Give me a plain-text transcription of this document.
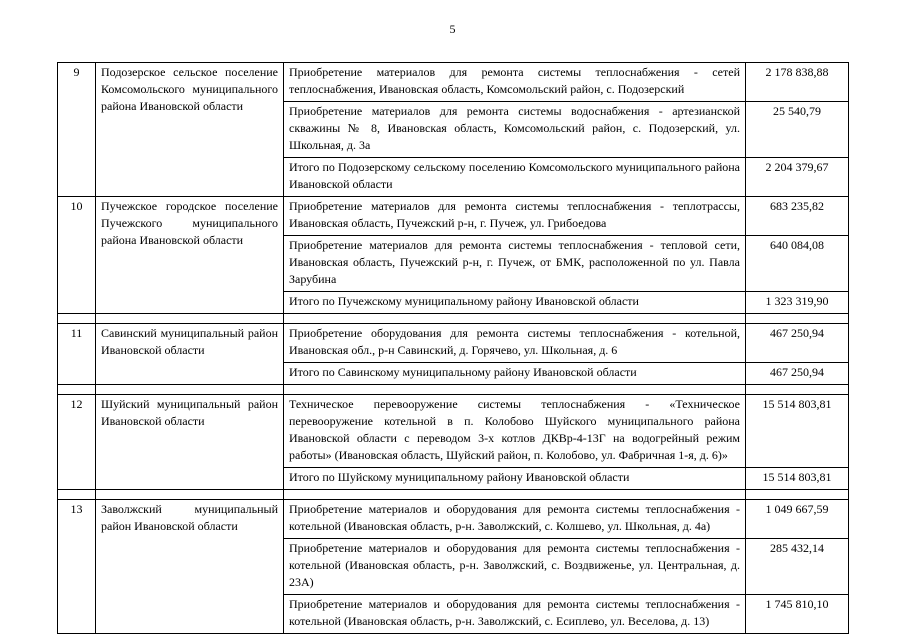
5
9	Подозерское сельское поселение Комсомольского муниципального района Ивановской области	Приобретение материалов для ремонта системы теплоснабжения - сетей теплоснабжения, Ивановская область, Комсомольский район, с. Подозерский	2 178 838,88
		Приобретение материалов для ремонта системы водоснабжения - артезианской скважины № 8, Ивановская область, Комсомольский район, с. Подозерский, ул. Школьная, д. 3а	25 540,79
		Итого по Подозерскому сельскому поселению Комсомольского муниципального района Ивановской области	2 204 379,67
10	Пучежское городское поселение Пучежского муниципального района Ивановской области	Приобретение материалов для ремонта системы теплоснабжения - теплотрассы, Ивановская область, Пучежский р-н, г. Пучеж, ул. Грибоедова	683 235,82
		Приобретение материалов для ремонта системы теплоснабжения - тепловой сети, Ивановская область, Пучежский р-н, г. Пучеж, от БМК, расположенной по ул. Павла Зарубина	640 084,08
		Итого по Пучежскому муниципальному району Ивановской области	1 323 319,90

11	Савинский муниципальный район Ивановской области	Приобретение оборудования для ремонта системы теплоснабжения - котельной, Ивановская обл., р-н Савинский, д. Горячево, ул. Школьная, д. 6	467 250,94
		Итого по Савинскому муниципальному району Ивановской области	467 250,94

12	Шуйский муниципальный район Ивановской области	Техническое перевооружение системы теплоснабжения - «Техническое перевооружение котельной в п. Колобово Шуйского муниципального района Ивановской области с переводом 3-х котлов ДКВр-4-13Г на водогрейный режим работы» (Ивановская область, Шуйский район, п. Колобово, ул. Фабричная 1-я, д. 6)»	15 514 803,81
		Итого по Шуйскому муниципальному району Ивановской области	15 514 803,81

13	Заволжский муниципальный район Ивановской области	Приобретение материалов и оборудования для ремонта системы теплоснабжения - котельной (Ивановская область, р-н. Заволжский, с. Колшево, ул. Школьная, д. 4а)	1 049 667,59
		Приобретение материалов и оборудования для ремонта системы теплоснабжения - котельной (Ивановская область, р-н. Заволжский, с. Воздвиженье, ул. Центральная, д. 23А)	285 432,14
		Приобретение материалов и оборудования для ремонта системы теплоснабжения - котельной (Ивановская область, р-н. Заволжский, с. Есиплево, ул. Веселова, д. 13)	1 745 810,10
